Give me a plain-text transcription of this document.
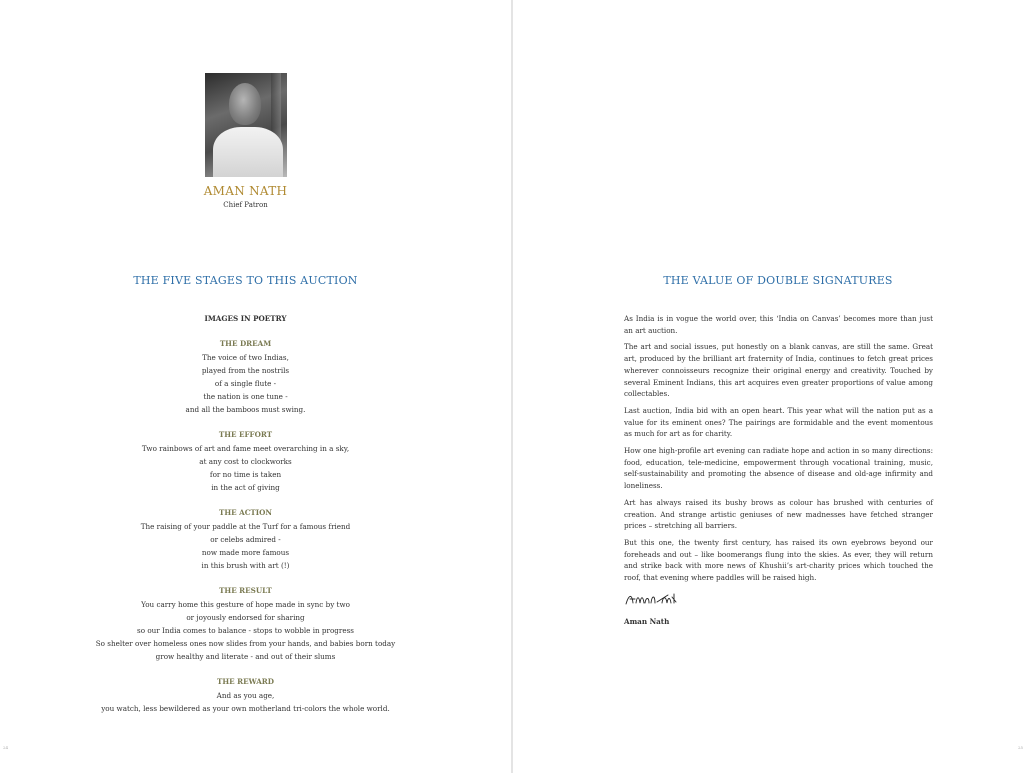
AMAN NATH
Chief Patron
THE FIVE STAGES TO THIS AUCTION
IMAGES IN POETRY
THE DREAM
The voice of two Indias,
played from the nostrils
of a single flute -
the nation is one tune -
and all the bamboos must swing.
THE EFFORT
Two rainbows of art and fame meet overarching in a sky,
at any cost to clockworks
for no time is taken
in the act of giving
THE ACTION
The raising of your paddle at the Turf for a famous friend
or celebs admired -
now made more famous
in this brush with art (!)
THE RESULT
You carry home this gesture of hope made in sync by two
or joyously endorsed for sharing
so our India comes to balance - stops to wobble in progress
So shelter over homeless ones now slides from your hands, and babies born today
grow healthy and literate - and out of their slums
THE REWARD
And as you age,
you watch, less bewildered as your own motherland tri-colors the whole world.
24
THE VALUE OF DOUBLE SIGNATURES

As India is in vogue the world over, this ‘India on Canvas’ becomes more than just an art auction.

The art and social issues, put honestly on a blank canvas, are still the same. Great art, produced by the brilliant art fraternity of India, continues to fetch great prices wherever connoisseurs recognize their original energy and creativity. Touched by several Eminent Indians, this art acquires even greater proportions of value among collectables.

Last auction, India bid with an open heart. This year what will the nation put as a value for its eminent ones? The pairings are formidable and the event momentous as much for art as for charity.

How one high-profile art evening can radiate hope and action in so many directions: food, education, tele-medicine, empowerment through vocational training, music, self-sustainability and promoting the absence of disease and old-age infirmity and loneliness.

Art has always raised its bushy brows as colour has brushed with centuries of creation. And strange artistic geniuses of new madnesses have fetched stranger prices – stretching all barriers.

But this one, the twenty first century, has raised its own eyebrows beyond our foreheads and out – like boomerangs flung into the skies. As ever, they will return and strike back with more news of Khushii’s art-charity prices which touched the roof, that evening where paddles will be raised high.

Aman Nath
25
